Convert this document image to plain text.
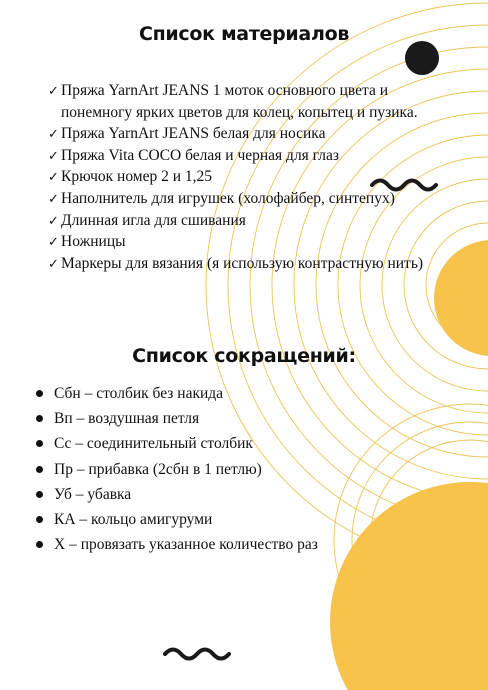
Список материалов
✓ Пряжа YarnArt JEANS 1 моток основного цвета и
понемногу ярких цветов для колец, копытец и пузика.
✓ Пряжа YarnArt JEANS белая для носика
✓ Пряжа Vita COCO белая и черная для глаз
✓ Крючок номер 2 и 1,25
✓ Наполнитель для игрушек (холофайбер, синтепух)
✓ Длинная игла для сшивания
✓ Ножницы
✓ Маркеры для вязания (я использую контрастную нить)
Список сокращений:
Сбн – столбик без накида
Вп – воздушная петля
Сс – соединительный столбик
Пр – прибавка (2сбн в 1 петлю)
Уб – убавка
КА – кольцо амигуруми
Х – провязать указанное количество раз
